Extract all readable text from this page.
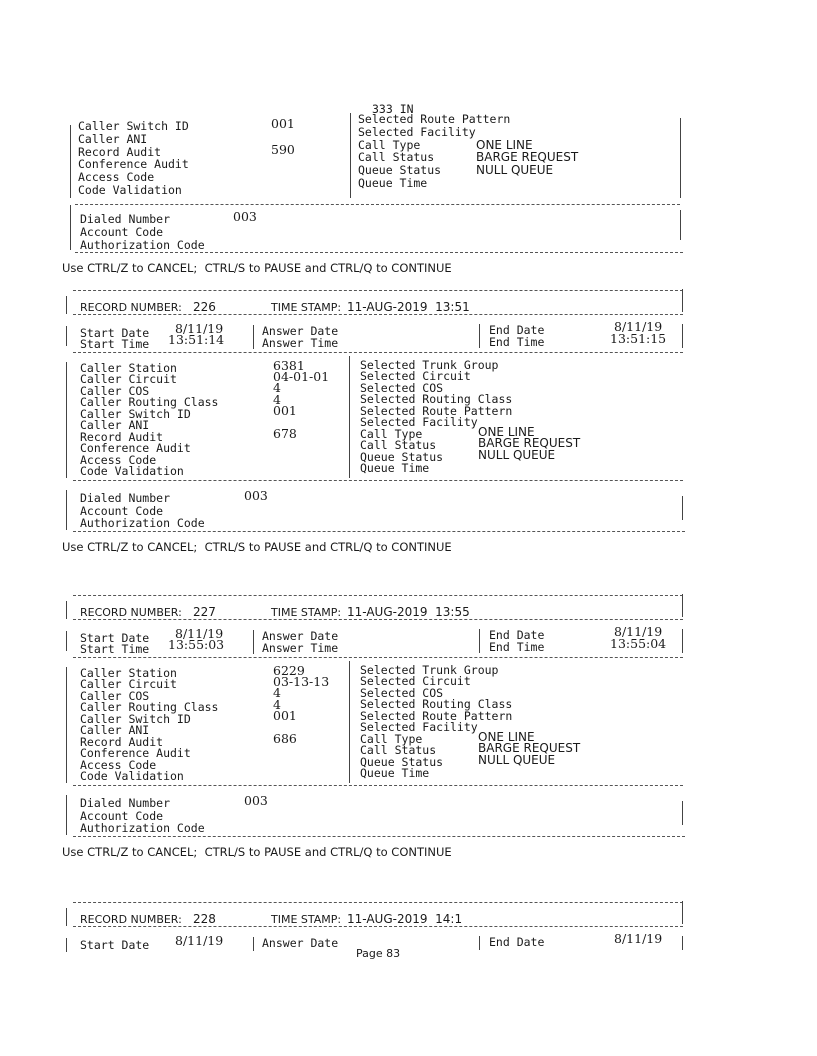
333 IN
Caller Switch ID	001	Selected Route Pattern
Caller ANI	Selected Facility
Record Audit	590	Call Type	ONE LINE
Conference Audit	Call Status	BARGE REQUEST
Access Code	Queue Status	NULL QUEUE
Code Validation	Queue Time
Dialed Number	003
Account Code
Authorization Code
Use CTRL/Z to CANCEL;  CTRL/S to PAUSE and CTRL/Q to CONTINUE
RECORD NUMBER: 226	TIME STAMP: 11-AUG-2019  13:51
Start Date 8/11/19
Start Time 13:51:14
Answer Date
Answer Time
End Date	8/11/19
End Time	13:51:15
Caller Station	6381	Selected Trunk Group
Caller Circuit	04-01-01	Selected Circuit
Caller COS	4	Selected COS
Caller Routing Class	4	Selected Routing Class
Caller Switch ID	001	Selected Route Pattern
Caller ANI	Selected Facility
Record Audit	678	Call Type	ONE LINE
Conference Audit	Call Status	BARGE REQUEST
Access Code	Queue Status	NULL QUEUE
Code Validation	Queue Time
Dialed Number	003
Account Code
Authorization Code
Use CTRL/Z to CANCEL;  CTRL/S to PAUSE and CTRL/Q to CONTINUE
RECORD NUMBER: 227	TIME STAMP: 11-AUG-2019  13:55
Start Date 8/11/19
Start Time 13:55:03
Answer Date
Answer Time
End Date	8/11/19
End Time	13:55:04
Caller Station	6229	Selected Trunk Group
Caller Circuit	03-13-13	Selected Circuit
Caller COS	4	Selected COS
Caller Routing Class	4	Selected Routing Class
Caller Switch ID	001	Selected Route Pattern
Caller ANI	Selected Facility
Record Audit	686	Call Type	ONE LINE
Conference Audit	Call Status	BARGE REQUEST
Access Code	Queue Status	NULL QUEUE
Code Validation	Queue Time
Dialed Number	003
Account Code
Authorization Code
Use CTRL/Z to CANCEL;  CTRL/S to PAUSE and CTRL/Q to CONTINUE
RECORD NUMBER: 228	TIME STAMP: 11-AUG-2019  14:1
Start Date 8/11/19	Answer Date	End Date	8/11/19
Page 83
